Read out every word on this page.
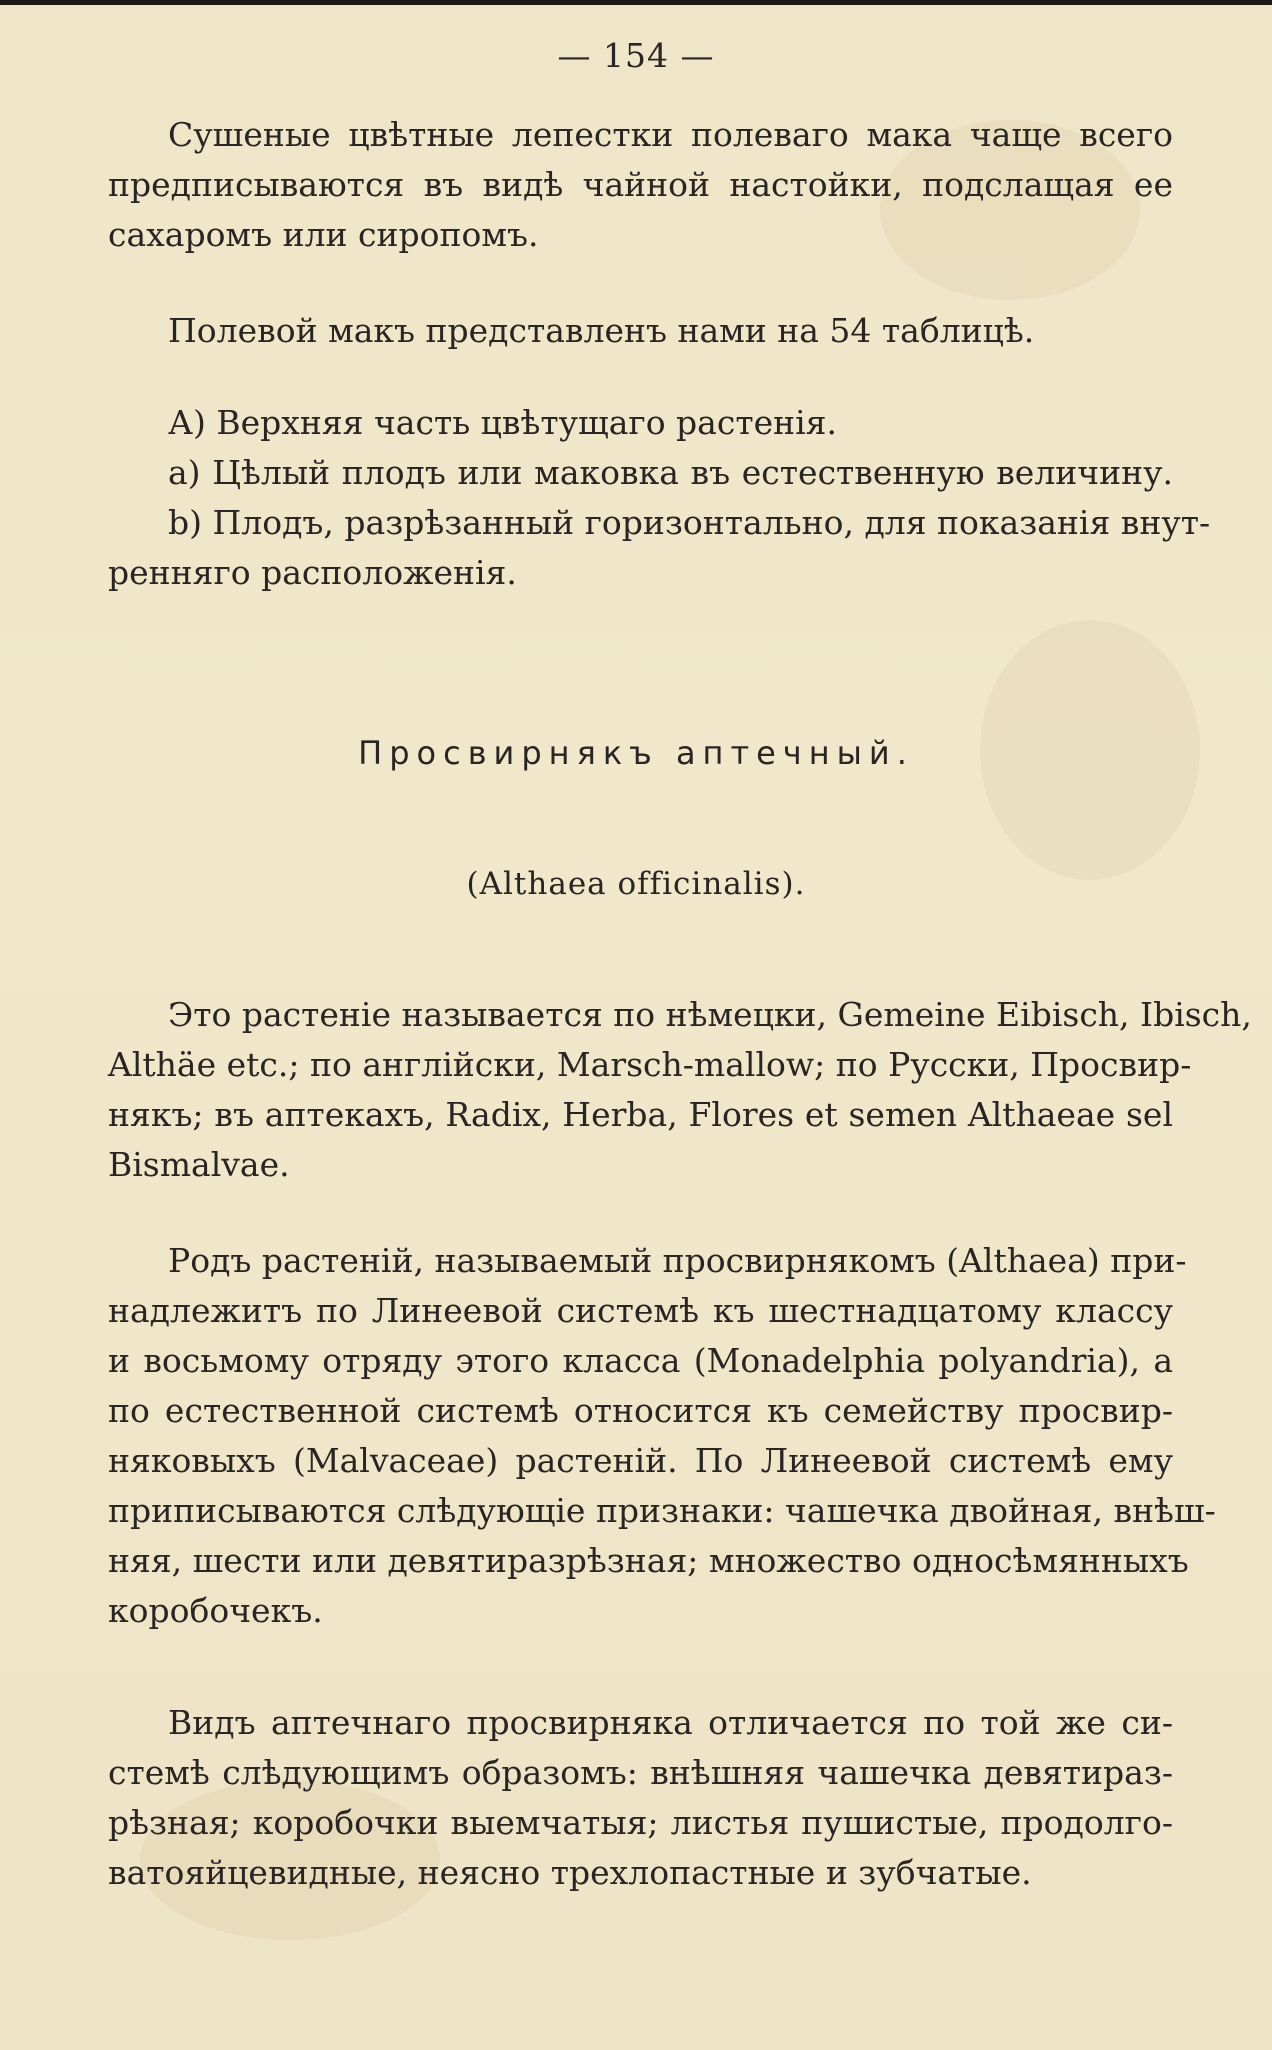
— 154 —
Сушеные цвѣтные лепестки полеваго мака чаще всего
предписываются въ видѣ чайной настойки, подслащая ее
сахаромъ или сиропомъ.
Полевой макъ представленъ нами на 54 таблицѣ.
А) Верхняя часть цвѣтущаго растенія.
а) Цѣлый плодъ или маковка въ естественную величину.
b) Плодъ, разрѣзанный горизонтально, для показанія внут-
ренняго расположенія.
Просвирнякъ аптечный.
(Althaea officinalis).
Это растеніе называется по нѣмецки, Gemeine Eibisch, Ibisch,
Althäe etc.; по англійски, Marsch-mallow; по Русски, Просвир-
някъ; въ аптекахъ, Radix, Herba, Flores et semen Althaeae sel
Bismalvae.
Родъ растеній, называемый просвирнякомъ (Althaea) при-
надлежитъ по Линеевой системѣ къ шестнадцатому классу
и восьмому отряду этого класса (Monadelphia polyandria), а
по естественной системѣ относится къ семейству просвир-
няковыхъ (Malvaceae) растеній. По Линеевой системѣ ему
приписываются слѣдующіе признаки: чашечка двойная, внѣш-
няя, шести или девятиразрѣзная; множество односѣмянныхъ
коробочекъ.
Видъ аптечнаго просвирняка отличается по той же си-
стемѣ слѣдующимъ образомъ: внѣшняя чашечка девятираз-
рѣзная; коробочки выемчатыя; листья пушистые, продолго-
ватояйцевидные, неясно трехлопастные и зубчатые.
